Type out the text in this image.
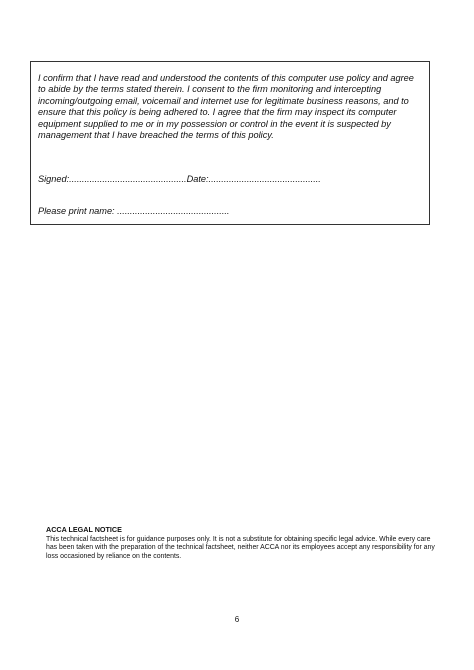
I confirm that I have read and understood the contents of this computer use policy and agree to abide by the terms stated therein. I consent to the firm monitoring and intercepting incoming/outgoing email, voicemail and internet use for legitimate business reasons, and to ensure that this policy is being adhered to. I agree that the firm may inspect its computer equipment supplied to me or in my possession or control in the event it is suspected by management that I have breached the terms of this policy.

Signed:..............................................Date:............................................
Please print name: ............................................

ACCA LEGAL NOTICE

This technical factsheet is for guidance purposes only. It is not a substitute for obtaining specific legal advice. While every care has been taken with the preparation of the technical factsheet, neither ACCA nor its employees accept any responsibility for any loss occasioned by reliance on the contents.

6
